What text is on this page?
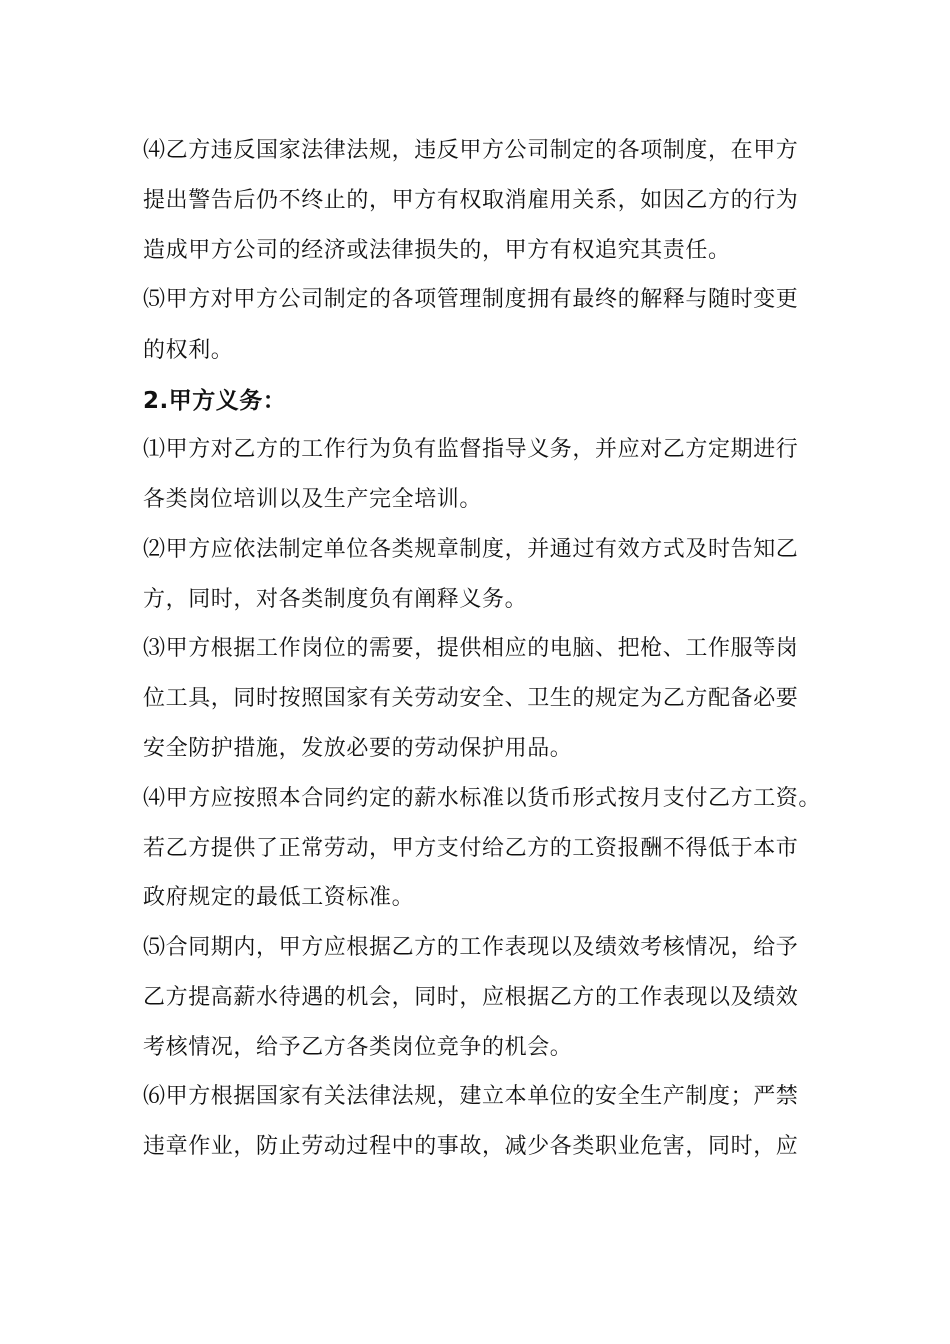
⑷乙方违反国家法律法规，违反甲方公司制定的各项制度，在甲方
提出警告后仍不终止的，甲方有权取消雇用关系，如因乙方的行为
造成甲方公司的经济或法律损失的，甲方有权追究其责任。
⑸甲方对甲方公司制定的各项管理制度拥有最终的解释与随时变更
的权利。
2.甲方义务：
⑴甲方对乙方的工作行为负有监督指导义务，并应对乙方定期进行
各类岗位培训以及生产完全培训。
⑵甲方应依法制定单位各类规章制度，并通过有效方式及时告知乙
方，同时，对各类制度负有阐释义务。
⑶甲方根据工作岗位的需要，提供相应的电脑、把枪、工作服等岗
位工具，同时按照国家有关劳动安全、卫生的规定为乙方配备必要
安全防护措施，发放必要的劳动保护用品。
⑷甲方应按照本合同约定的薪水标准以货币形式按月支付乙方工资。
若乙方提供了正常劳动，甲方支付给乙方的工资报酬不得低于本市
政府规定的最低工资标准。
⑸合同期内，甲方应根据乙方的工作表现以及绩效考核情况，给予
乙方提高薪水待遇的机会，同时，应根据乙方的工作表现以及绩效
考核情况，给予乙方各类岗位竞争的机会。
⑹甲方根据国家有关法律法规，建立本单位的安全生产制度；严禁
违章作业，防止劳动过程中的事故，减少各类职业危害，同时，应
